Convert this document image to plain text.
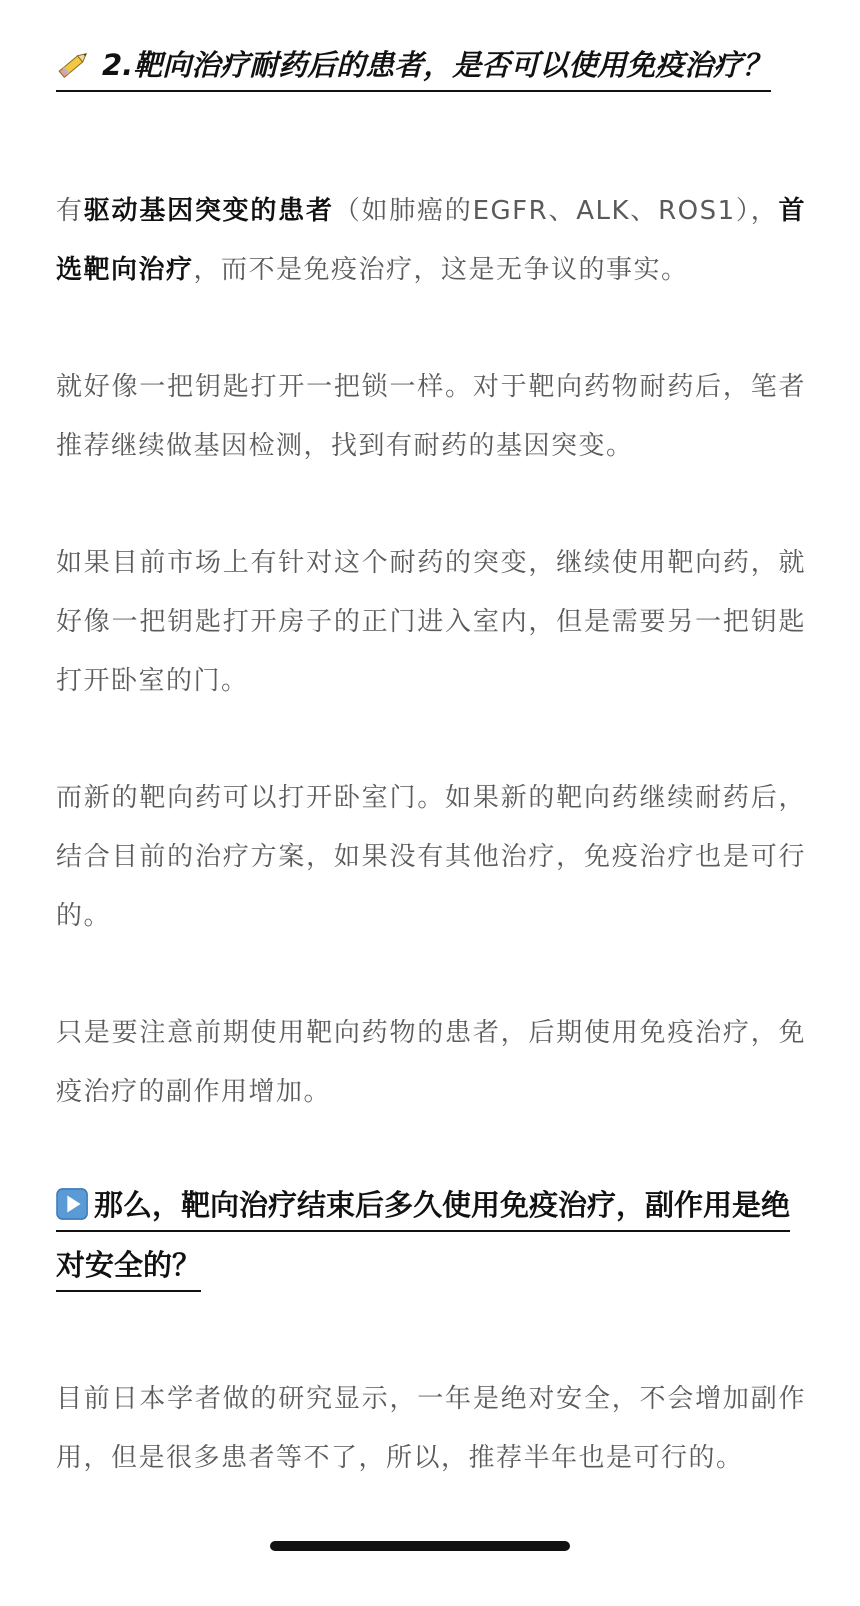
2.靶向治疗耐药后的患者，是否可以使用免疫治 疗？

有驱动基因突变的患者（如肺癌的EGFR、ALK、ROS1），首选靶向治疗，而不是免疫治疗，这是无争议的事实。

就好像一把钥匙打开一把锁一样。对于靶向药物耐药后，笔者推荐继续做基因检测，找到有耐药的基因突变。

如果目前市场上有针对这个耐药的突变，继续使用靶向药，就好像一把钥匙打开房子的正门进入室内，但是需要另一把钥匙打开卧室的门。

而新的靶向药可以打开卧室门。如果新的靶向药继续耐药后，结合目前的治疗方案，如果没有其他治疗，免疫治疗也是可行的。

只是要注意前期使用靶向药物的患者，后期使用免疫治疗，免疫治疗的副作用增加。

那么，靶向治疗结束后多久使用免疫治疗，副作用是绝
对安全的？

目前日本学者做的研究显示，一年是绝对安全，不会增加副作用，但是很多患者等不了，所以，推荐半年也是可行的。
